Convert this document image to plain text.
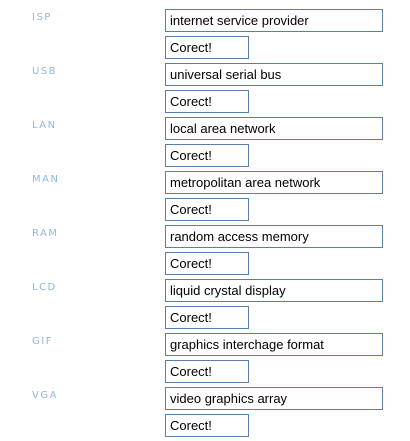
ISP	internet service provider
Corect!
USB	universal serial bus
Corect!
LAN	local area network
Corect!
MAN	metropolitan area network
Corect!
RAM	random access memory
Corect!
LCD	liquid crystal display
Corect!
GIF	graphics interchage format
Corect!
VGA	video graphics array
Corect!
